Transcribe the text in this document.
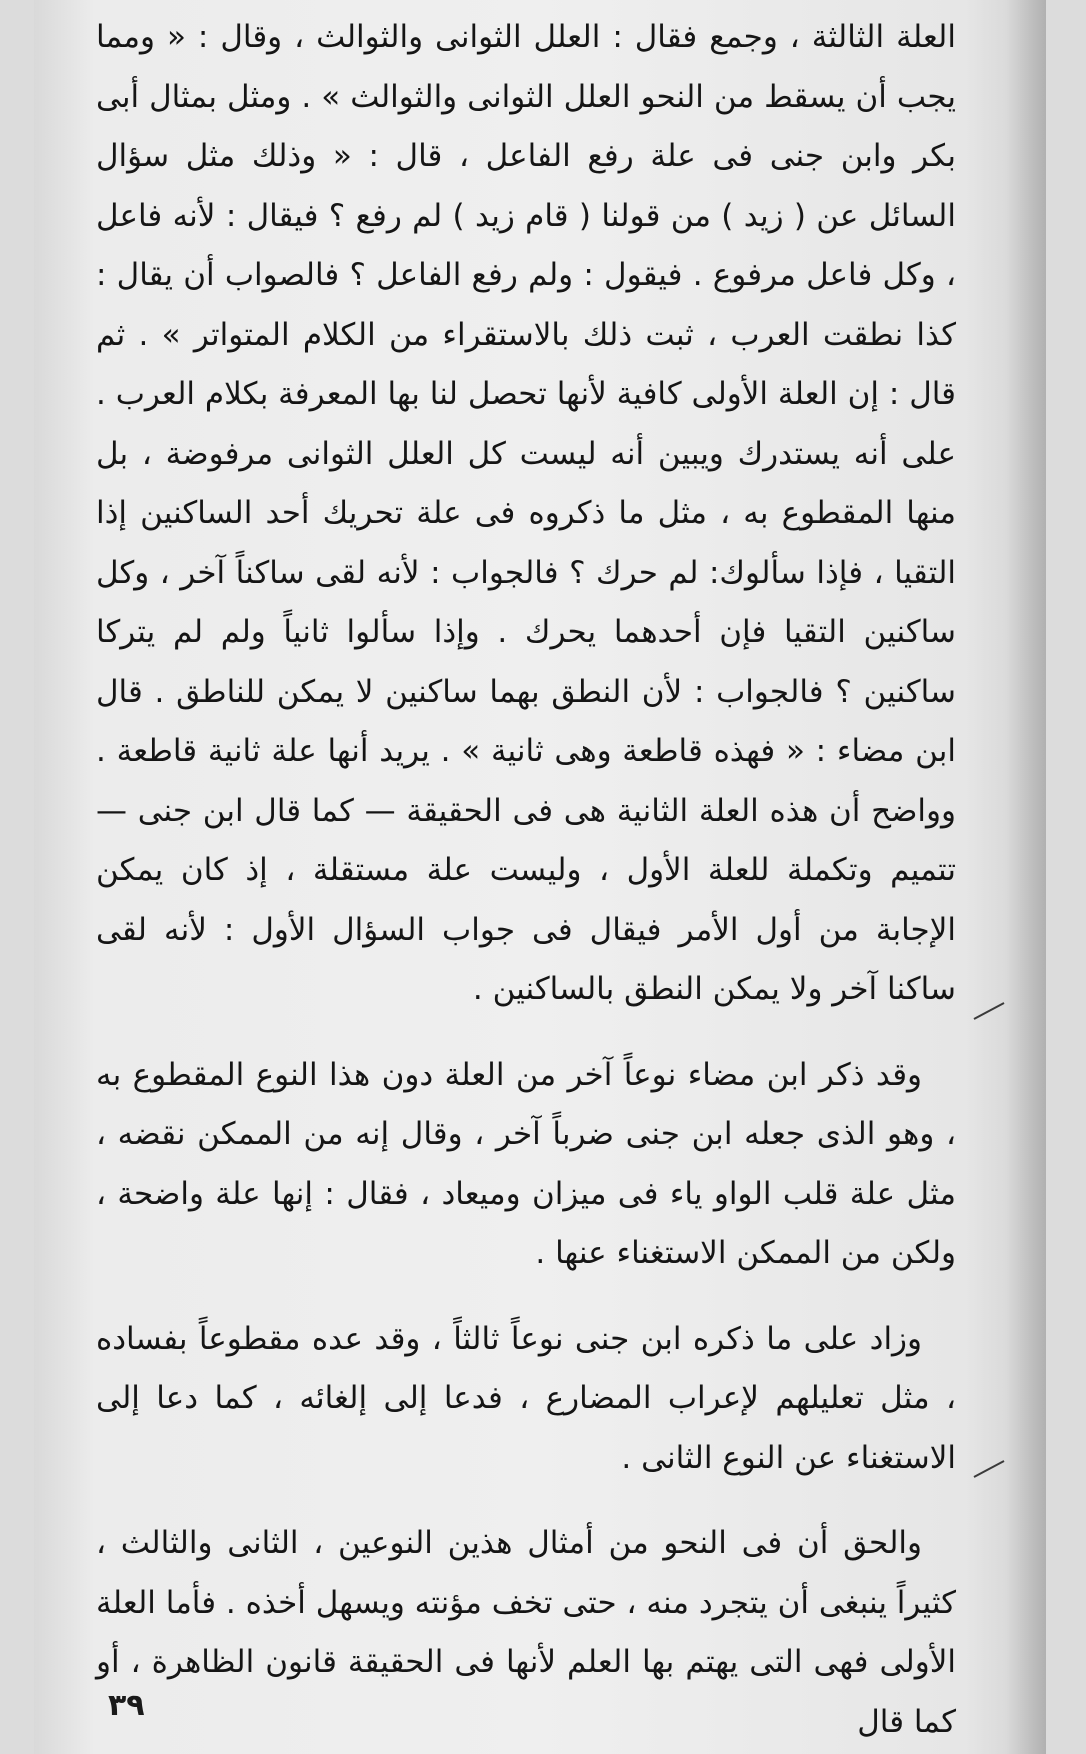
العلة الثالثة ، وجمع فقال : العلل الثوانى والثوالث ، وقال : « ومما يجب أن يسقط من النحو العلل الثوانى والثوالث » . ومثل بمثال أبى بكر وابن جنى فى علة رفع الفاعل ، قال : « وذلك مثل سؤال السائل عن ( زيد ) من قولنا ( قام زيد ) لم رفع ؟ فيقال : لأنه فاعل ، وكل فاعل مرفوع . فيقول : ولم رفع الفاعل ؟ فالصواب أن يقال : كذا نطقت العرب ، ثبت ذلك بالاستقراء من الكلام المتواتر » . ثم قال : إن العلة الأولى كافية لأنها تحصل لنا بها المعرفة بكلام العرب . على أنه يستدرك ويبين أنه ليست كل العلل الثوانى مرفوضة ، بل منها المقطوع به ، مثل ما ذكروه فى علة تحريك أحد الساكنين إذا التقيا ، فإذا سألوك: لم حرك ؟ فالجواب : لأنه لقى ساكناً آخر ، وكل ساكنين التقيا فإن أحدهما يحرك . وإذا سألوا ثانياً ولم لم يتركا ساكنين ؟ فالجواب : لأن النطق بهما ساكنين لا يمكن للناطق . قال ابن مضاء : « فهذه قاطعة وهى ثانية » . يريد أنها علة ثانية قاطعة . وواضح أن هذه العلة الثانية هى فى الحقيقة — كما قال ابن جنى — تتميم وتكملة للعلة الأول ، وليست علة مستقلة ، إذ كان يمكن الإجابة من أول الأمر فيقال فى جواب السؤال الأول : لأنه لقى ساكنا آخر ولا يمكن النطق بالساكنين .

وقد ذكر ابن مضاء نوعاً آخر من العلة دون هذا النوع المقطوع به ، وهو الذى جعله ابن جنى ضرباً آخر ، وقال إنه من الممكن نقضه ، مثل علة قلب الواو ياء فى ميزان وميعاد ، فقال : إنها علة واضحة ، ولكن من الممكن الاستغناء عنها .

وزاد على ما ذكره ابن جنى نوعاً ثالثاً ، وقد عده مقطوعاً بفساده ، مثل تعليلهم لإعراب المضارع ، فدعا إلى إلغائه ، كما دعا إلى الاستغناء عن النوع الثانى .

والحق أن فى النحو من أمثال هذين النوعين ، الثانى والثالث ، كثيراً ينبغى أن يتجرد منه ، حتى تخف مؤنته ويسهل أخذه . فأما العلة الأولى فهى التى يهتم بها العلم لأنها فى الحقيقة قانون الظاهرة ، أو كما قال

٣٩
